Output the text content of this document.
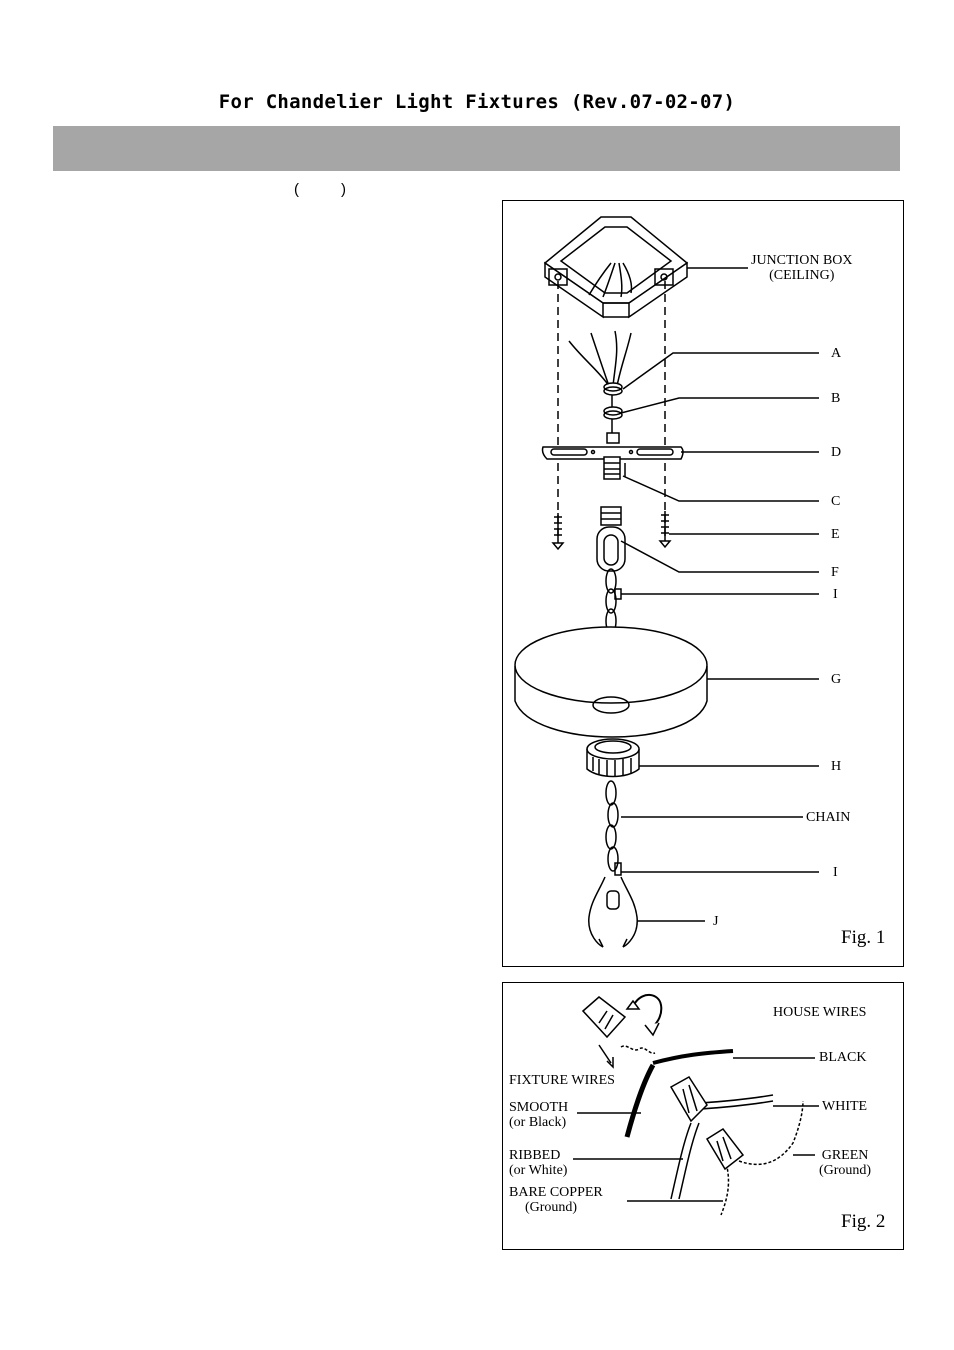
For Chandelier Light Fixtures (Rev.07-02-07)
(	)
JUNCTION BOX
(CEILING)
A
B
D
C
E
F
I
G
H
CHAIN
I
J
Fig. 1
HOUSE WIRES
BLACK
FIXTURE WIRES
SMOOTH
(or Black)
WHITE
RIBBED
(or White)
GREEN
(Ground)
BARE COPPER
(Ground)
Fig. 2
